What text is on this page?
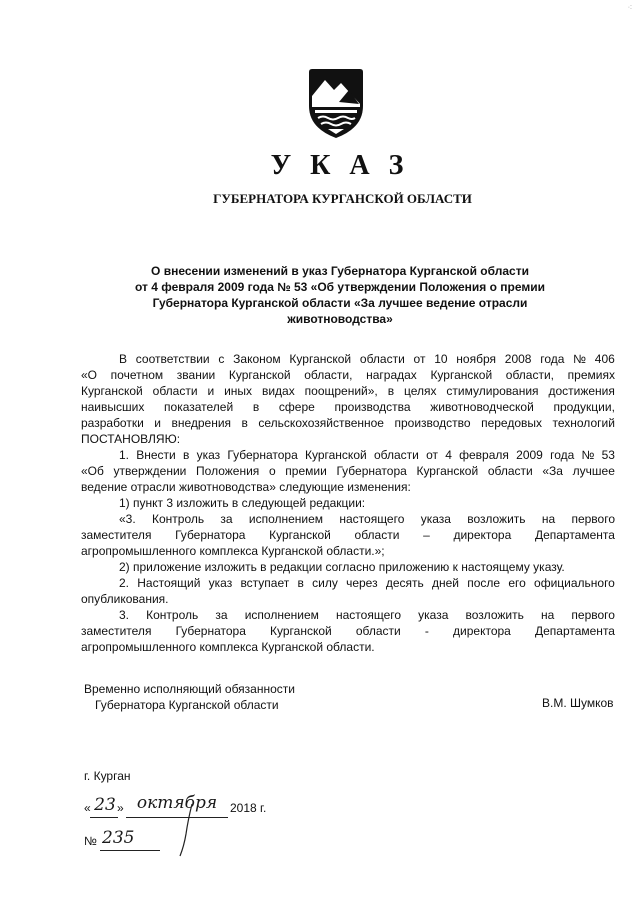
·:
У К А З
ГУБЕРНАТОРА КУРГАНСКОЙ ОБЛАСТИ
О внесении изменений в указ Губернатора Курганской области
от 4 февраля 2009 года № 53 «Об утверждении Положения о премии
Губернатора Курганской области «За лучшее ведение отрасли
животноводства»
В соответствии с Законом Курганской области от 10 ноября 2008 года № 406
«О почетном звании Курганской области, наградах Курганской области, премиях
Курганской области и иных видах поощрений», в целях стимулирования достижения
наивысших показателей в сфере производства животноводческой продукции,
разработки и внедрения в сельскохозяйственное производство передовых технологий
ПОСТАНОВЛЯЮ:
1. Внести в указ Губернатора Курганской области от 4 февраля 2009 года № 53
«Об утверждении Положения о премии Губернатора Курганской области «За лучшее
ведение отрасли животноводства» следующие изменения:
1) пункт 3 изложить в следующей редакции:
«3. Контроль за исполнением настоящего указа возложить на первого
заместителя Губернатора Курганской области – директора Департамента
агропромышленного комплекса Курганской области.»;
2) приложение изложить в редакции согласно приложению к настоящему указу.
2. Настоящий указ вступает в силу через десять дней после его официального
опубликования.
3. Контроль за исполнением настоящего указа возложить на первого
заместителя Губернатора Курганской области - директора Департамента
агропромышленного комплекса Курганской области.
Временно исполняющий обязанности
Губернатора Курганской области	В.М. Шумков
г. Курган
« 23 » октября	2018 г.
№ 235
